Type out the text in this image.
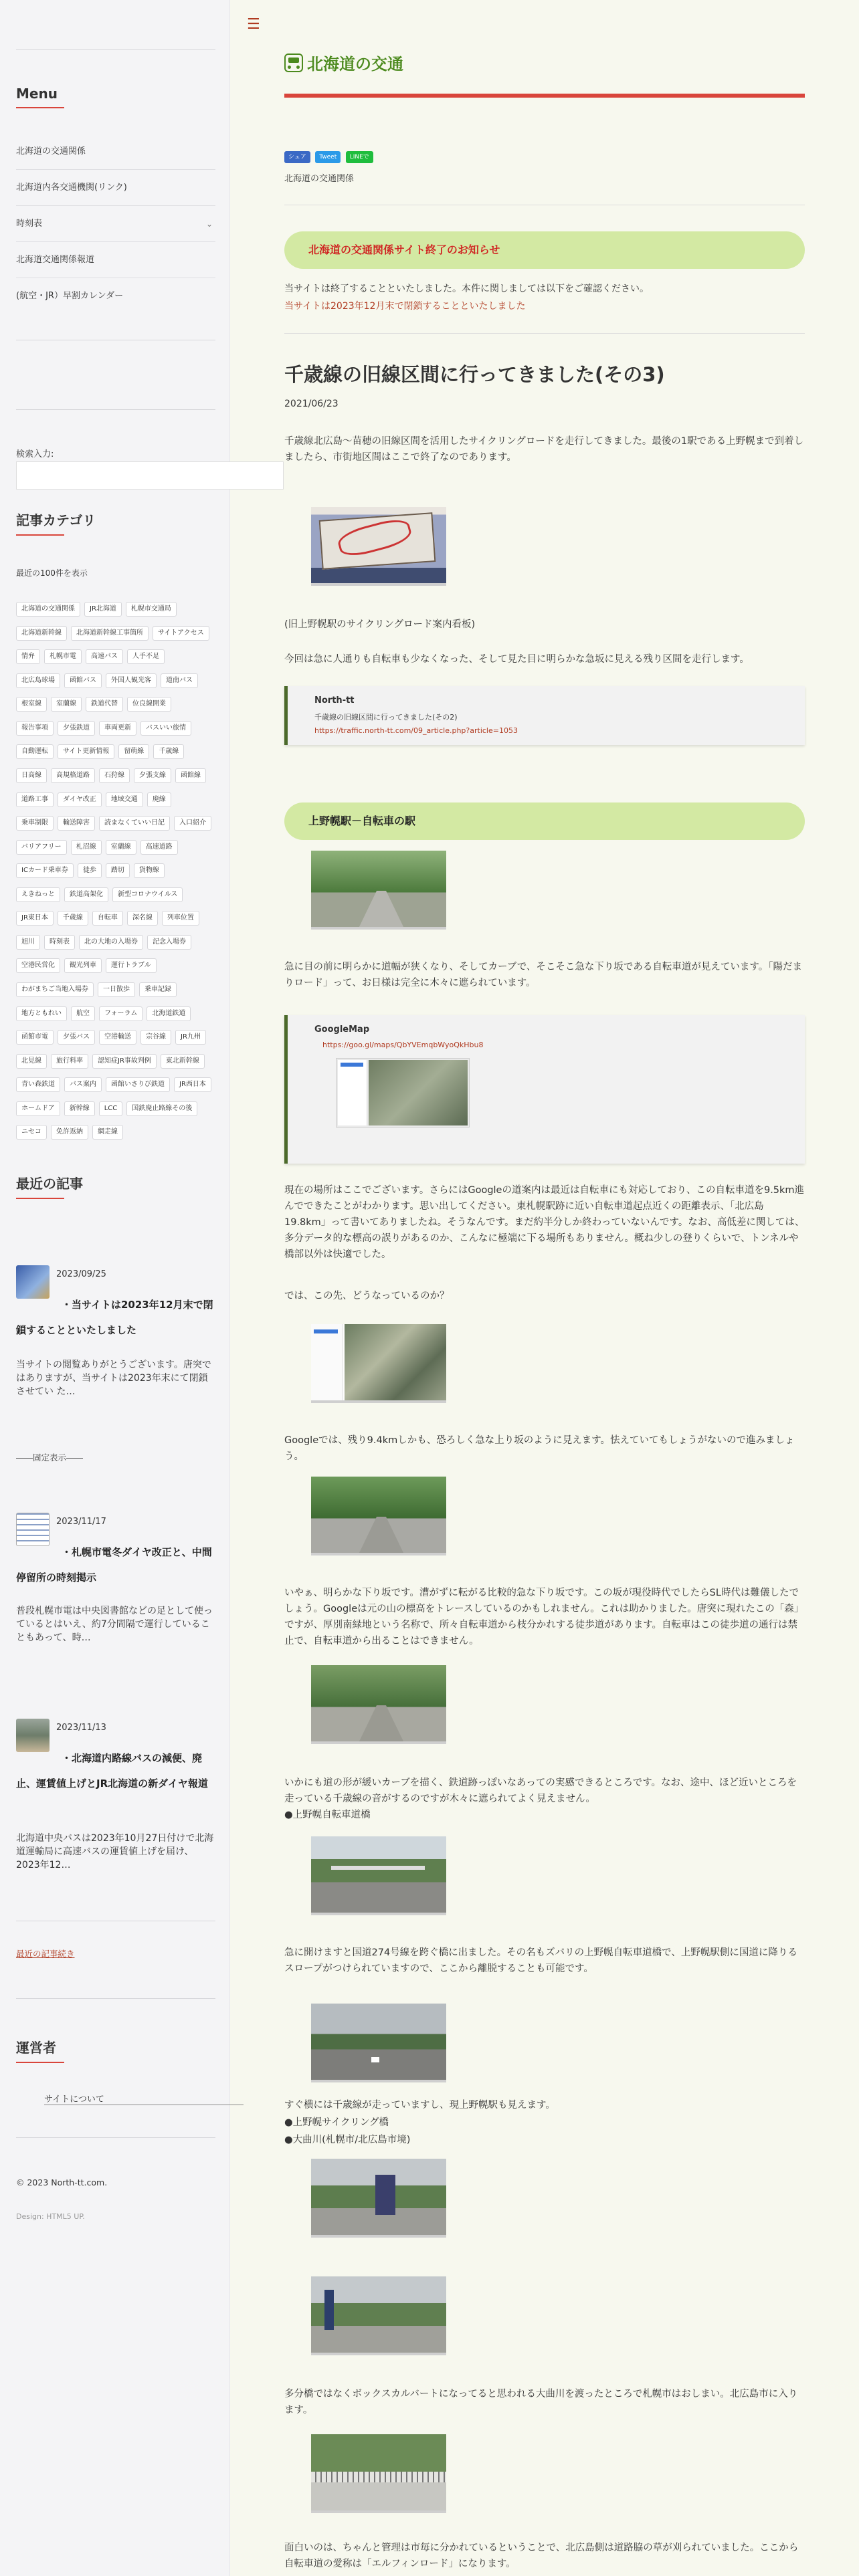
Menu
北海道の交通関係
北海道内各交通機関(リンク)
時刻表	⌄
北海道交通関係報道
(航空・JR）早割カレンダー
検索入力:
記事カテゴリ
最近の100件を表示
北海道の交通関係	JR北海道	札幌市交通局
北海道新幹線	北海道新幹線工事箇所	サイトアクセス
情弁	札幌市電	高速バス	人手不足
北広島球場	函館バス	外国人観光客	道南バス
根室線	室蘭線	鉄道代替	位良線開業
報告事項	夕張鉄道	車両更新	バスいい旅情
自動運転	サイト更新情報	留萌線	千歳線
日高線	高規格道路	石狩線	夕張支線	函館線
道路工事	ダイヤ改正	地域交通	廃線
乗車制限	輸送障害	読まなくていい日記	入口紹介
バリアフリー	札沼線	室蘭線	高速道路
ICカード乗車券	徒歩	踏切	貨物線
えきねっと	鉄道高架化	新型コロナウイルス
JR東日本	千歳線	自転車	深名線	列車位置
旭川	時刻表	北の大地の入場券	記念入場券
空港民営化	観光列車	運行トラブル
わがまちご当地入場券	一日散歩	乗車記録
地方ともれい	航空	フォーラム	北海道鉄道
函館市電	夕張バス	空港輸送	宗谷線	JR九州
北見線	旅行料率	認知症JR事故判例	東北新幹線
青い森鉄道	バス案内	函館いさりび鉄道	JR西日本
ホームドア	新幹線	LCC	国鉄廃止路線その後
ニセコ	免許返納	網走線
最近の記事
2023/09/25
・当サイトは2023年12月末で閉鎖することといたしました
当サイトの閲覧ありがとうございます。唐突ではありますが、当サイトは2023年末にて閉鎖させてい た…
――固定表示――
2023/11/17
・札幌市電冬ダイヤ改正と、中間停留所の時刻掲示
普段札幌市電は中央図書館などの足として使っているとはいえ、約7分間隔で運行していることもあって、時…
2023/11/13
・北海道内路線バスの減便、廃止、運賃値上げとJR北海道の新ダイヤ報道
北海道中央バスは2023年10月27日付けで北海道運輸局に高速バスの運賃値上げを届け、2023年12…
最近の記事続き
運営者
サイトについて
© 2023 North-tt.com.
Design: HTML5 UP.
☰
北海道の交通
シェア Tweet LINEで
北海道の交通関係
北海道の交通関係サイト終了のお知らせ
当サイトは終了することといたしました。本件に関しましては以下をご確認ください。
当サイトは2023年12月末で閉鎖することといたしました
千歳線の旧線区間に行ってきました(その3)
2021/06/23
千歳線北広島～苗穂の旧線区間を活用したサイクリングロードを走行してきました。最後の1駅である上野幌まで到着しましたら、市街地区間はここで終了なのであります。
(旧上野幌駅のサイクリングロード案内看板)
今回は急に人通りも自転車も少なくなった、そして見た目に明らかな急坂に見える残り区間を走行します。
North-tt
千歳線の旧線区間に行ってきました(その2)
https://traffic.north-tt.com/09_article.php?article=1053
上野幌駅－自転車の駅
急に目の前に明らかに道幅が狭くなり、そしてカーブで、そこそこ急な下り坂である自転車道が見えています。「陽だまりロード」って、お日様は完全に木々に遮られています。
GoogleMap
https://goo.gl/maps/QbYVEmqbWyoQkHbu8
現在の場所はここでございます。さらにはGoogleの道案内は最近は自転車にも対応しており、この自転車道を9.5km進んでできたことがわかります。思い出してください。東札幌駅跡に近い自転車道起点近くの距離表示、「北広島19.8km」って書いてありましたね。そうなんです。まだ約半分しか終わっていないんです。なお、高低差に関しては、多分データ的な標高の誤りがあるのか、こんなに極端に下る場所もありません。概ね少しの登りくらいで、トンネルや橋部以外は快適でした。
では、この先、どうなっているのか？
Googleでは、残り9.4kmしかも、恐ろしく急な上り坂のように見えます。怯えていてもしょうがないので進みましょう。
いやぁ、明らかな下り坂です。漕がずに転がる比較的急な下り坂です。この坂が現役時代でしたらSL時代は難儀したでしょう。Googleは元の山の標高をトレースしているのかもしれません。これは助かりました。唐突に現れたこの「森」ですが、厚別南緑地という名称で、所々自転車道から枝分かれする徒歩道があります。自転車はこの徒歩道の通行は禁止で、自転車道から出ることはできません。
いかにも道の形が緩いカーブを描く、鉄道跡っぽいなあっての実感できるところです。なお、途中、ほど近いところを走っている千歳線の音がするのですが木々に遮られてよく見えません。
●上野幌自転車道橋
急に開けますと国道274号線を跨ぐ橋に出ました。その名もズバリの上野幌自転車道橋で、上野幌駅側に国道に降りるスロープがつけられていますので、ここから離脱することも可能です。
すぐ横には千歳線が走っていますし、現上野幌駅も見えます。
●上野幌サイクリング橋
●大曲川(札幌市/北広島市境)
多分橋ではなくボックスカルバートになってると思われる大曲川を渡ったところで札幌市はおしまい。北広島市に入ります。
面白いのは、ちゃんと管理は市毎に分かれているということで、北広島側は道路脇の草が刈られていました。ここから自転車道の愛称は「エルフィンロード」になります。
